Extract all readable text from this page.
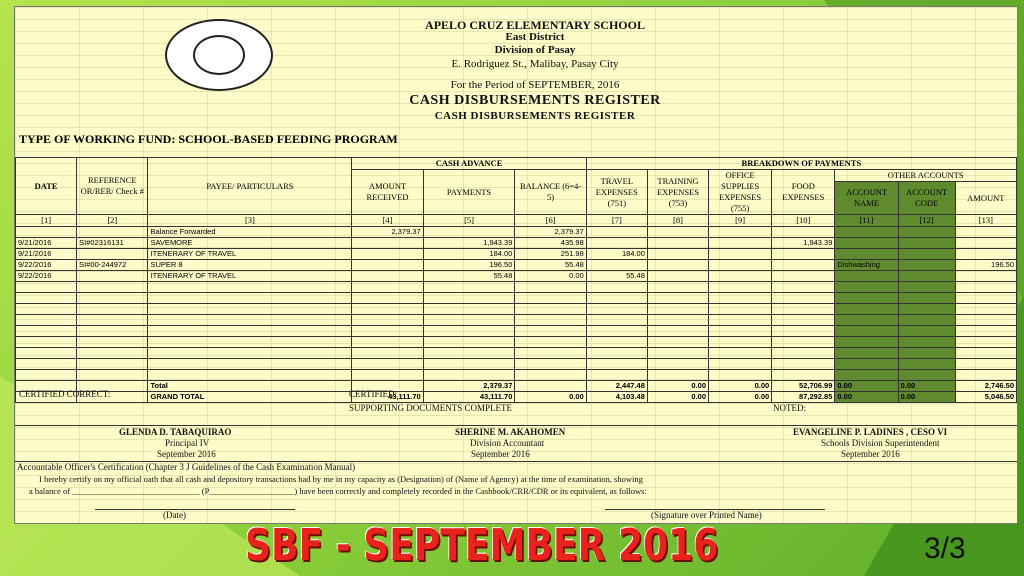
APELO CRUZ ELEMENTARY SCHOOL
East District
Division of Pasay
E. Rodriguez St., Malibay, Pasay City
For the Period of SEPTEMBER, 2016
CASH DISBURSEMENTS REGISTER
CASH DISBURSEMENTS REGISTER
TYPE OF WORKING FUND: SCHOOL-BASED FEEDING PROGRAM
DATE	REFERENCE OR/RER/ Check #	PAYEE/ PARTICULARS	CASH ADVANCE			BREAKDOWN OF PAYMENTS						
			AMOUNT RECEIVED	PAYMENTS	BALANCE (6=4-5)	TRAVEL EXPENSES (751)	TRAINING EXPENSES (753)	OFFICE SUPPLIES EXPENSES (755)	FOOD EXPENSES	OTHER ACCOUNTS		
										ACCOUNT NAME	ACCOUNT CODE	AMOUNT

[1]	[2]	[3]	[4]	[5]	[6]	[7]	[8]	[9]	[10]	[11]	[12]	[13]
		Balance Forwarded	2,379.37		2,379.37							
9/21/2016	SI#02316131	SAVEMORE		1,943.39	435.98				1,943.39			
9/21/2016		ITENERARY OF TRAVEL		184.00	251.98	184.00						
9/22/2016	SI#00-244972	SUPER 8		196.50	55.48					Dishwashing		196.50
9/22/2016		ITENERARY OF TRAVEL		55.48	0.00	55.48						

		Total		2,379.37		2,447.48	0.00	0.00	52,706.99	0.00	0.00	2,746.50
		GRAND TOTAL	43,111.70	43,111.70	0.00	4,103.48	0.00	0.00	87,292.85	0.00	0.00	5,046.50
CERTIFIED CORRECT:	CERTIFIED:
SUPPORTING DOCUMENTS COMPLETE	NOTED:
GLENDA D. TABAQUIRAO
Principal IV
September 2016
SHERINE M. AKAHOMEN
Division Accountant
September 2016
EVANGELINE P. LADINES , CESO VI
Schools Division Superintendent
September 2016
Accountable Officer's Certification (Chapter 3 J Guidelines of the Cash Examination Manual)
I hereby certify on my official oath that all cash and depository transactions had by me in my capacity as (Designation) of (Name of Agency) at the time of examination, showing
a balance of ______________________________ (P____________________) have been correctly and completely recorded in the Cashbook/CRR/CDR or its equivalent, as follows:
(Date)	(Signature over Printed Name)
SBF - SEPTEMBER 2016	3/3
